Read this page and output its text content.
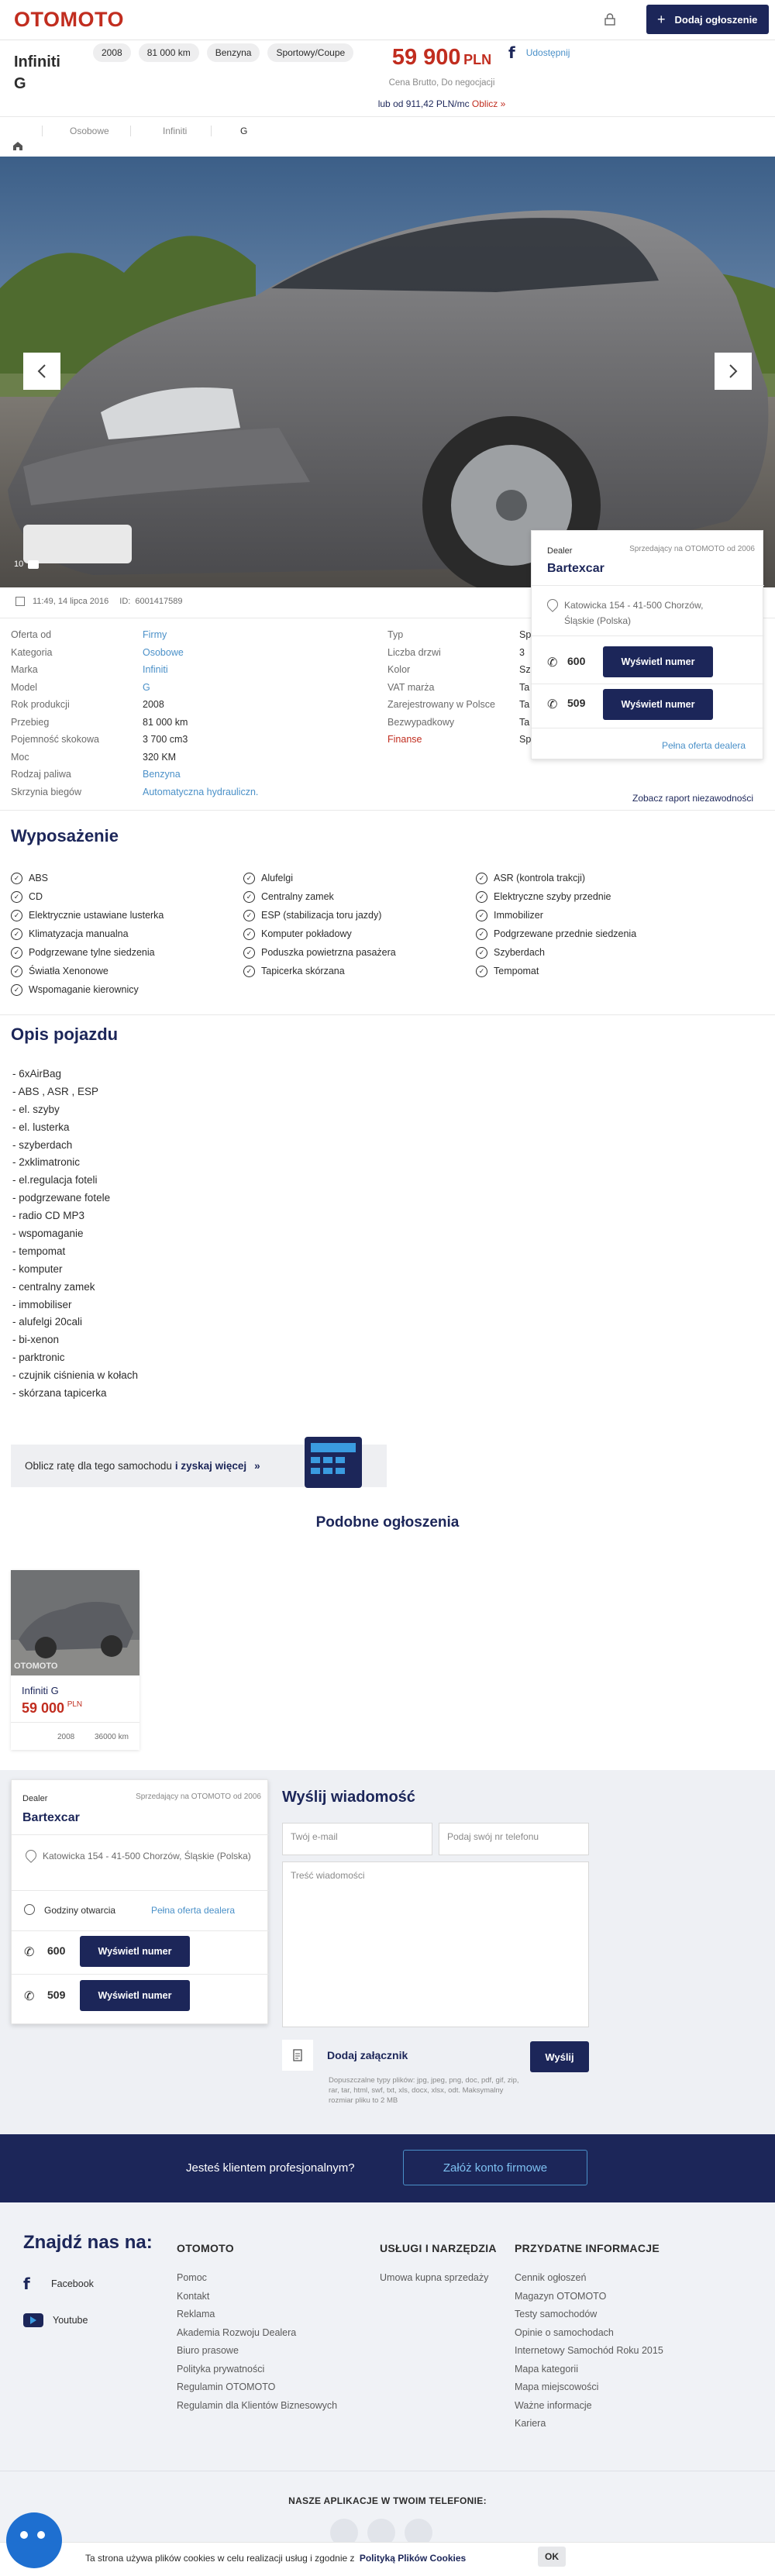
OTOMOTO	+ Dodaj ogłoszenie
Infiniti G
2008	81 000 km	Benzyna	Sportowy/Coupe	59 900 PLN
Cena Brutto, Do negocjacji
lub od 911,42 PLN/mc Oblicz »
f Udostępnij
Osobowe	Infiniti	G
10
11:49, 14 lipca 2016 ID: 6001417589
Oferta od	Firmy
Kategoria	Osobowe
Marka	Infiniti
Model	G
Rok produkcji	2008
Przebieg	81 000 km
Pojemność skokowa	3 700 cm3
Moc	320 KM
Rodzaj paliwa	Benzyna
Skrzynia biegów	Automatyczna hydrauliczn.
Typ	Sp
Liczba drzwi	3
Kolor	Sz
VAT marża	Ta
Zarejestrowany w Polsce	Ta
Bezwypadkowy	Ta
Finanse	Sp
Zobacz raport niezawodności
Dealer	Sprzedający na OTOMOTO od 2006
Bartexcar
Katowicka 154 - 41-500 Chorzów, Śląskie (Polska)
✆ 600	Wyświetl numer
✆ 509	Wyświetl numer
Pełna oferta dealera
Wyposażenie
✓ ABS
✓ CD
✓ Elektrycznie ustawiane lusterka
✓ Klimatyzacja manualna
✓ Podgrzewane tylne siedzenia
✓ Światła Xenonowe
✓ Wspomaganie kierownicy
✓ Alufelgi
✓ Centralny zamek
✓ ESP (stabilizacja toru jazdy)
✓ Komputer pokładowy
✓ Poduszka powietrzna pasażera
✓ Tapicerka skórzana
✓ ASR (kontrola trakcji)
✓ Elektryczne szyby przednie
✓ Immobilizer
✓ Podgrzewane przednie siedzenia
✓ Szyberdach
✓ Tempomat
Opis pojazdu
- 6xAirBag
- ABS , ASR , ESP
- el. szyby
- el. lusterka
- szyberdach
- 2xklimatronic
- el.regulacja foteli
- podgrzewane fotele
- radio CD MP3
- wspomaganie
- tempomat
- komputer
- centralny zamek
- immobiliser
- alufelgi 20cali
- bi-xenon
- parktronic
- czujnik ciśnienia w kołach
- skórzana tapicerka
Oblicz ratę dla tego samochodu i zyskaj więcej »
Podobne ogłoszenia
OTOMOTO
Infiniti G
59 000 $^{PLN}$
2008	36000 km
Dealer	Sprzedający na OTOMOTO od 2006
Bartexcar
Katowicka 154 - 41-500 Chorzów, Śląskie (Polska)
Godziny otwarcia	Pełna oferta dealera
✆ 600	Wyświetl numer
✆ 509	Wyświetl numer
Wyślij wiadomość
Twój e-mail	Podaj swój nr telefonu
Treść wiadomości
Dodaj załącznik	Wyślij
Dopuszczalne typy plików: jpg, jpeg, png, doc, pdf, gif, zip, rar, tar, html, swf, txt, xls, docx, xlsx, odt. Maksymalny rozmiar pliku to 2 MB
Jesteś klientem profesjonalnym?	Załóż konto firmowe
Znajdź nas na:
f	Facebook
Youtube
OTOMOTO
Pomoc
Kontakt
Reklama
Akademia Rozwoju Dealera
Biuro prasowe
Polityka prywatności
Regulamin OTOMOTO
Regulamin dla Klientów Biznesowych
USŁUGI I NARZĘDZIA
Umowa kupna sprzedaży
PRZYDATNE INFORMACJE
Cennik ogłoszeń
Magazyn OTOMOTO
Testy samochodów
Opinie o samochodach
Internetowy Samochód Roku 2015
Mapa kategorii
Mapa miejscowości
Ważne informacje
Kariera
NASZE APLIKACJE W TWOIM TELEFONIE:
Ta strona używa plików cookies w celu realizacji usług i zgodnie z Polityką Plików Cookies	OK
